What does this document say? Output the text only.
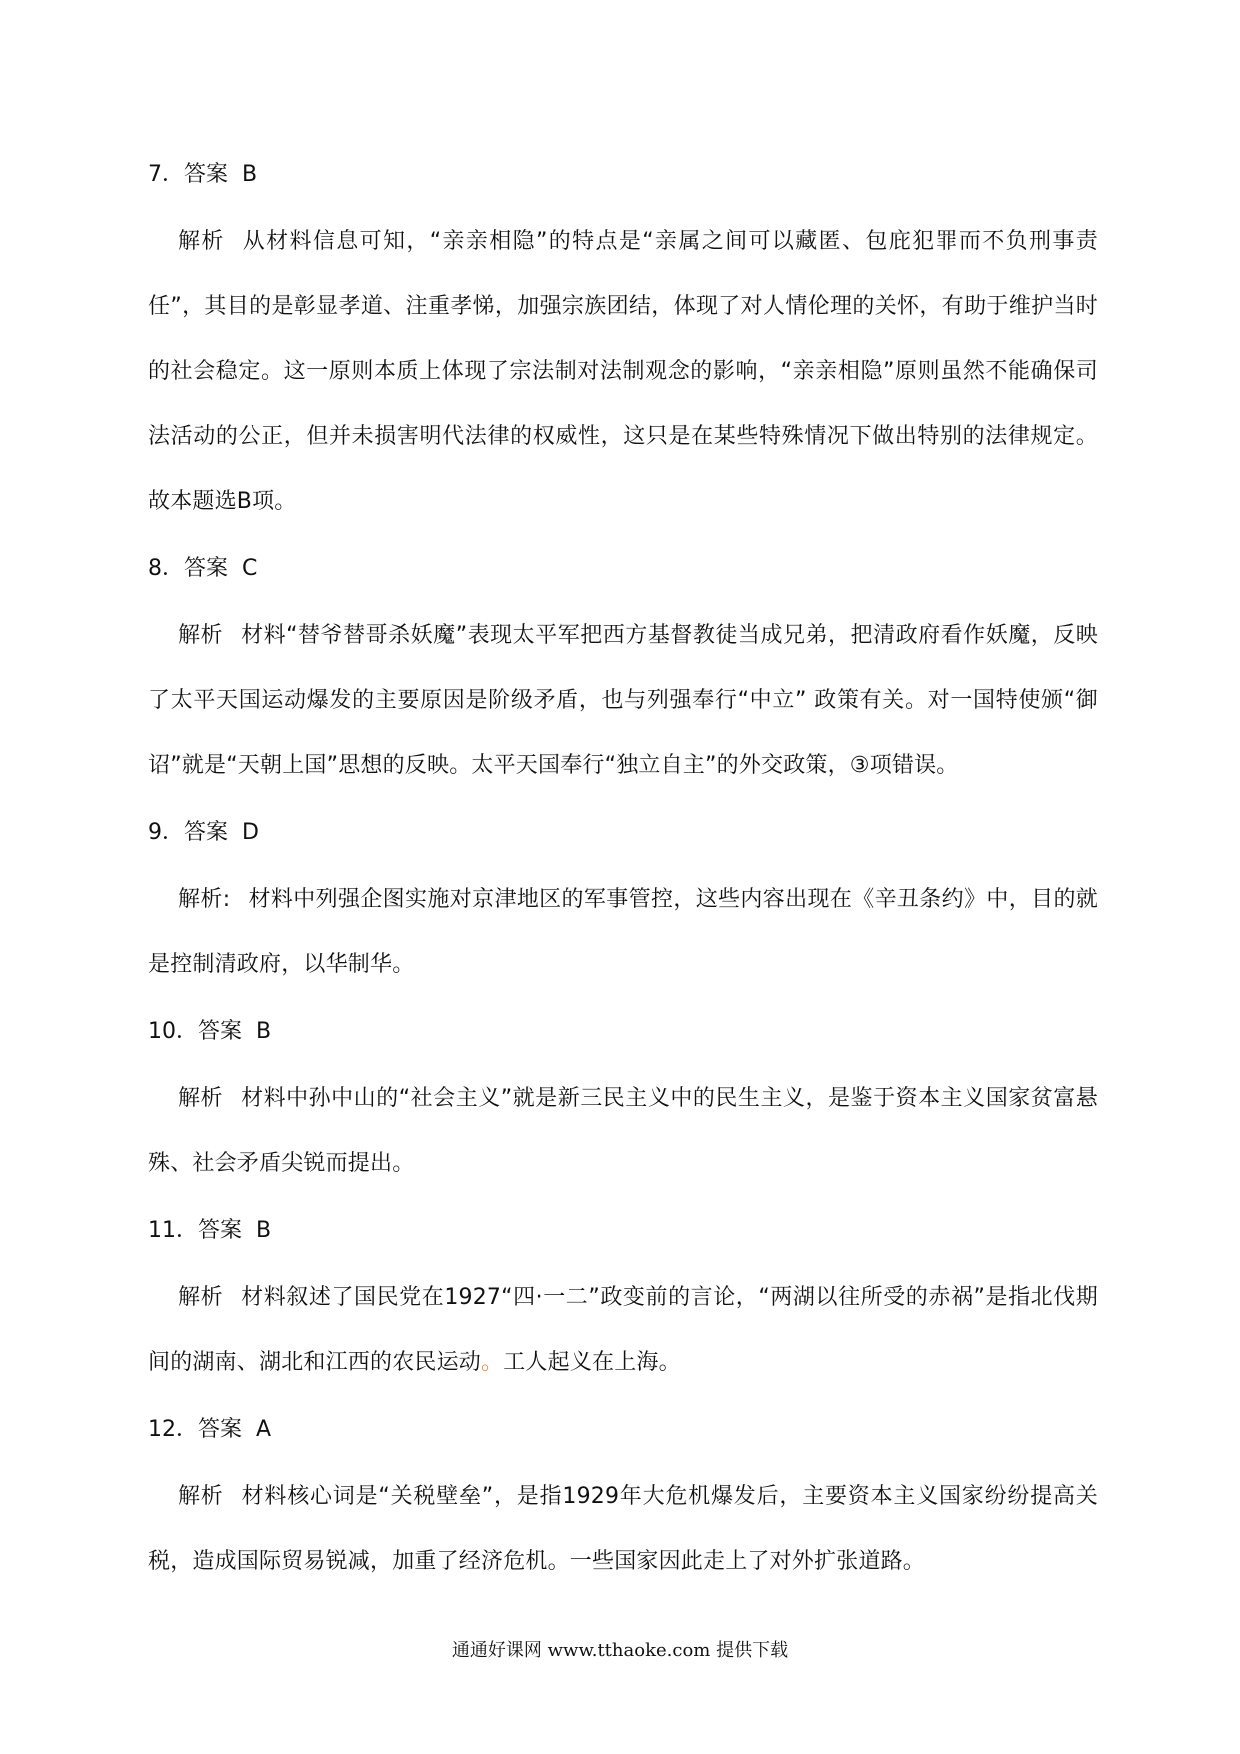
7．答案 B

解析 从材料信息可知，“亲亲相隐”的特点是“亲属之间可以藏匿、包庇犯罪而不负刑事责任”，其目的是彰显孝道、注重孝悌，加强宗族团结，体现了对人情伦理的关怀，有助于维护当时的社会稳定。这一原则本质上体现了宗法制对法制观念的影响，“亲亲相隐”原则虽然不能确保司法活动的公正，但并未损害明代法律的权威性，这只是在某些特殊情况下做出特别的法律规定。故本题选B项。

8．答案 C

解析 材料“替爷替哥杀妖魔”表现太平军把西方基督教徒当成兄弟，把清政府看作妖魔，反映了太平天国运动爆发的主要原因是阶级矛盾，也与列强奉行“中立” 政策有关。对一国特使颁“御诏”就是“天朝上国”思想的反映。太平天国奉行“独立自主”的外交政策，③项错误。

9．答案 D

解析: 材料中列强企图实施对京津地区的军事管控，这些内容出现在《辛丑条约》中，目的就是控制清政府，以华制华。

10．答案 B

解析 材料中孙中山的“社会主义”就是新三民主义中的民生主义，是鉴于资本主义国家贫富悬殊、社会矛盾尖锐而提出。

11．答案 B

解析 材料叙述了国民党在1927“四·一二”政变前的言论，“两湖以往所受的赤祸”是指北伐期间的湖南、湖北和江西的农民运动。工人起义在上海。

12．答案 A

解析 材料核心词是“关税壁垒”，是指1929年大危机爆发后，主要资本主义国家纷纷提高关税，造成国际贸易锐减，加重了经济危机。一些国家因此走上了对外扩张道路。

通通好课网 www.tthaoke.com 提供下载
